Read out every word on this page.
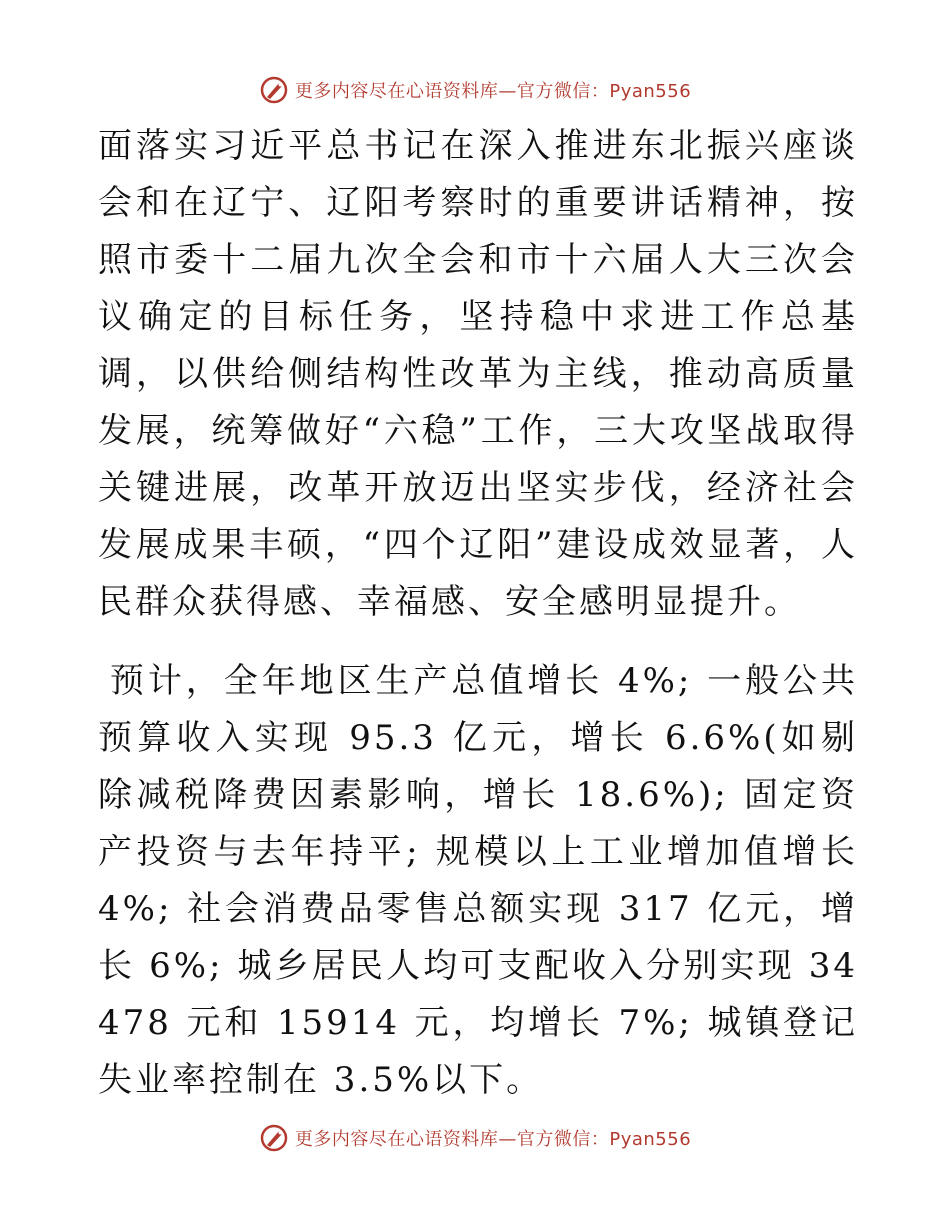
更多内容尽在心语资料库—官方微信：Pyan556

面落实习近平总书记在深入推进东北振兴座谈会和在辽宁、辽阳考察时的重要讲话精神，按照市委十二届九次全会和市十六届人大三次会议确定的目标任务，坚持稳中求进工作总基调，以供给侧结构性改革为主线，推动高质量发展，统筹做好“六稳”工作，三大攻坚战取得关键进展，改革开放迈出坚实步伐，经济社会发展成果丰硕，“四个辽阳”建设成效显著，人民群众获得感、幸福感、安全感明显提升。

预计，全年地区生产总值增长 4%; 一般公共预算收入实现 95.3 亿元，增长 6.6%(如剔除减税降费因素影响，增长 18.6%); 固定资产投资与去年持平; 规模以上工业增加值增长 4%; 社会消费品零售总额实现 317 亿元，增长 6%; 城乡居民人均可支配收入分别实现 34478 元和 15914 元，均增长 7%; 城镇登记失业率控制在 3.5%以下。

更多内容尽在心语资料库—官方微信：Pyan556
